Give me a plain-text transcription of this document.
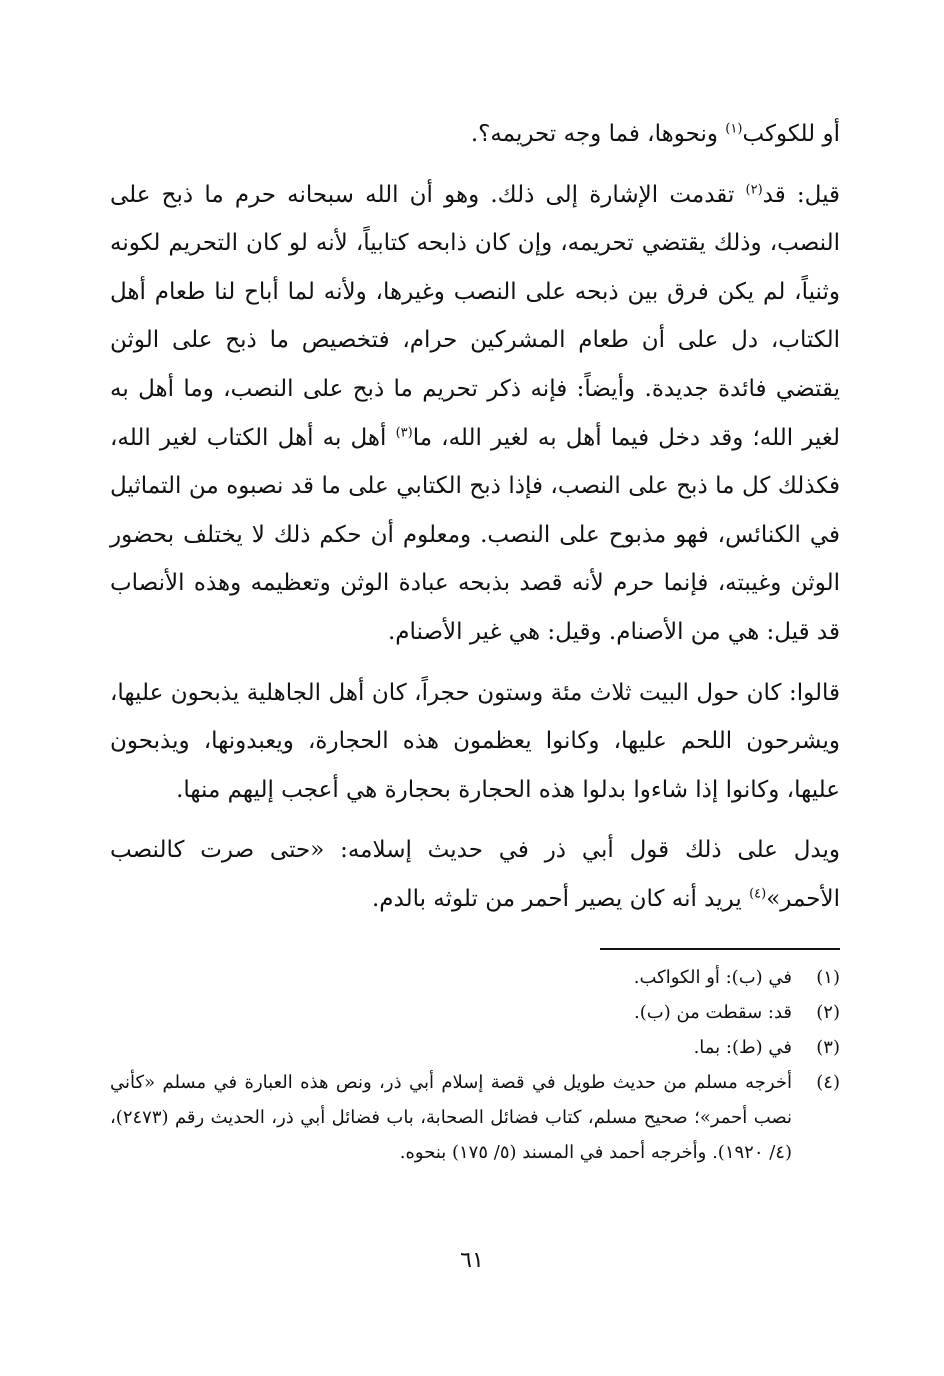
أو للكوكب$^{(١)}$ ونحوها، فما وجه تحريمه؟.

قيل: قد$^{(٢)}$ تقدمت الإشارة إلى ذلك. وهو أن الله سبحانه حرم ما ذبح على النصب، وذلك يقتضي تحريمه، وإن كان ذابحه كتابياً، لأنه لو كان التحريم لكونه وثنياً، لم يكن فرق بين ذبحه على النصب وغيرها، ولأنه لما أباح لنا طعام أهل الكتاب، دل على أن طعام المشركين حرام، فتخصيص ما ذبح على الوثن يقتضي فائدة جديدة. وأيضاً: فإنه ذكر تحريم ما ذبح على النصب، وما أهل به لغير الله؛ وقد دخل فيما أهل به لغير الله، ما$^{(٣)}$ أهل به أهل الكتاب لغير الله، فكذلك كل ما ذبح على النصب، فإذا ذبح الكتابي على ما قد نصبوه من التماثيل في الكنائس، فهو مذبوح على النصب. ومعلوم أن حكم ذلك لا يختلف بحضور الوثن وغيبته، فإنما حرم لأنه قصد بذبحه عبادة الوثن وتعظيمه وهذه الأنصاب قد قيل: هي من الأصنام. وقيل: هي غير الأصنام.

قالوا: كان حول البيت ثلاث مئة وستون حجراً، كان أهل الجاهلية يذبحون عليها، ويشرحون اللحم عليها، وكانوا يعظمون هذه الحجارة، ويعبدونها، ويذبحون عليها، وكانوا إذا شاءوا بدلوا هذه الحجارة بحجارة هي أعجب إليهم منها.

ويدل على ذلك قول أبي ذر في حديث إسلامه: «حتى صرت كالنصب الأحمر»$^{(٤)}$ يريد أنه كان يصير أحمر من تلوثه بالدم.

(١)
في (ب): أو الكواكب.
(٢)
قد: سقطت من (ب).
(٣)
في (ط): بما.
(٤)
أخرجه مسلم من حديث طويل في قصة إسلام أبي ذر، ونص هذه العبارة في مسلم «كأني نصب أحمر»؛ صحيح مسلم، كتاب فضائل الصحابة، باب فضائل أبي ذر، الحديث رقم (٢٤٧٣)، (٤/ ١٩٢٠). وأخرجه أحمد في المسند (٥/ ١٧٥) بنحوه.
٦١
